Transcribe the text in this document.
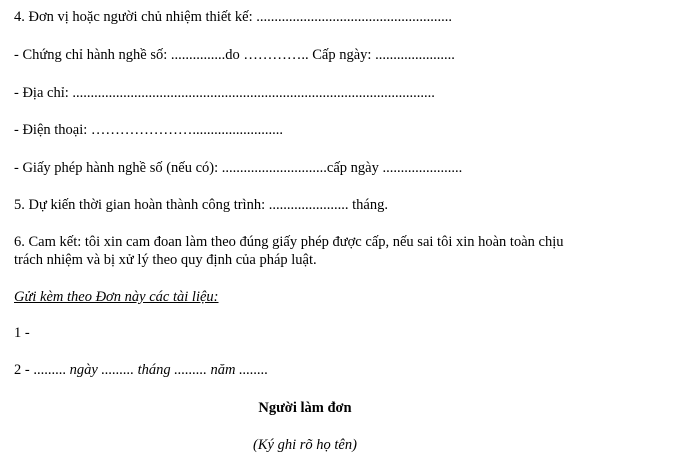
4. Đơn vị hoặc người chủ nhiệm thiết kế: ......................................................
- Chứng chỉ hành nghề số: ...............do ………….. Cấp ngày: ......................
- Địa chỉ: ....................................................................................................
- Điện thoại: ………………….........................
- Giấy phép hành nghề số (nếu có): .............................cấp ngày ......................
5. Dự kiến thời gian hoàn thành công trình: ...................... tháng.
6. Cam kết: tôi xin cam đoan làm theo đúng giấy phép được cấp, nếu sai tôi xin hoàn toàn chịu
trách nhiệm và bị xử lý theo quy định của pháp luật.
Gửi kèm theo Đơn này các tài liệu:
1 -
2 - ......... ngày ......... tháng ......... năm ........
Người làm đơn
(Ký ghi rõ họ tên)
